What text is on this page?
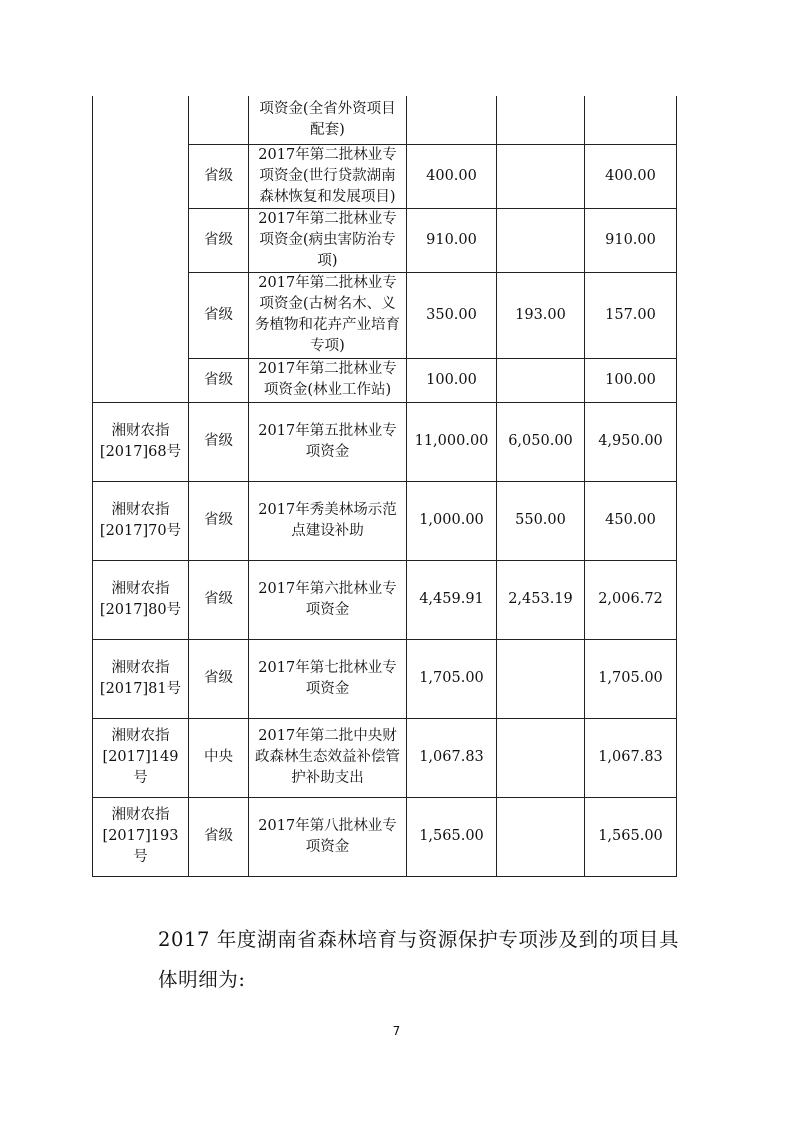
		项资金(全省外资项目配套)			
	省级	2017年第二批林业专项资金(世行贷款湖南森林恢复和发展项目)	400.00		400.00
	省级	2017年第二批林业专项资金(病虫害防治专项)	910.00		910.00
	省级	2017年第二批林业专项资金(古树名木、义务植物和花卉产业培育专项)	350.00	193.00	157.00
	省级	2017年第二批林业专项资金(林业工作站)	100.00		100.00
湘财农指[2017]68号	省级	2017年第五批林业专项资金	11,000.00	6,050.00	4,950.00
湘财农指[2017]70号	省级	2017年秀美林场示范点建设补助	1,000.00	550.00	450.00
湘财农指[2017]80号	省级	2017年第六批林业专项资金	4,459.91	2,453.19	2,006.72
湘财农指[2017]81号	省级	2017年第七批林业专项资金	1,705.00		1,705.00
湘财农指[2017]149号	中央	2017年第二批中央财政森林生态效益补偿管护补助支出	1,067.83		1,067.83
湘财农指[2017]193号	省级	2017年第八批林业专项资金	1,565.00		1,565.00
2017 年度湖南省森林培育与资源保护专项涉及到的项目具
体明细为:
7
